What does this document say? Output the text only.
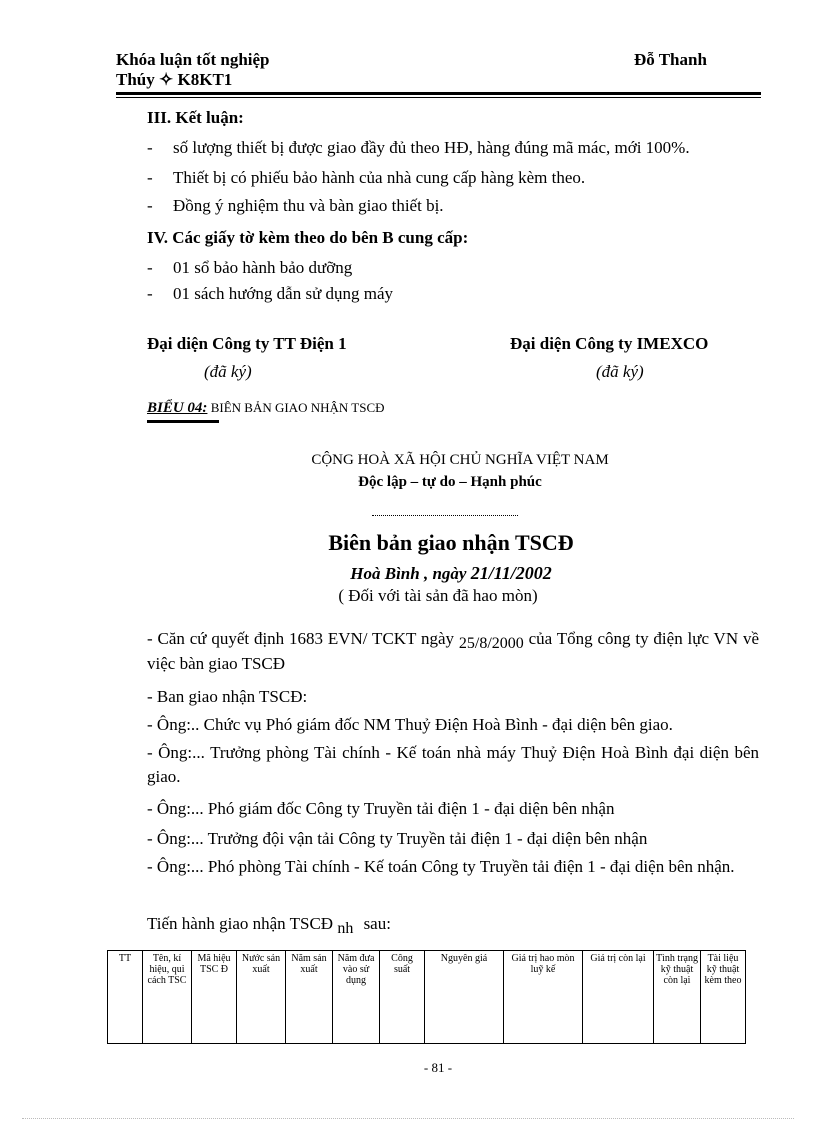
Khóa luận tốt nghiệp
Thúy ✧ K8KT1
Đỗ Thanh
III. Kết luận:
- số lượng thiết bị được giao đầy đủ theo HĐ, hàng đúng mã mác, mới 100%.
- Thiết bị có phiếu bảo hành của nhà cung cấp hàng kèm theo.
- Đồng ý nghiệm thu và bàn giao thiết bị.
IV. Các giấy tờ kèm theo do bên B cung cấp:
- 01 sổ bảo hành bảo dưỡng
- 01 sách hướng dẫn sử dụng máy
Đại diện Công ty TT Điện 1
(đã ký)
Đại diện Công ty IMEXCO
(đã ký)
BIỂU 04: BIÊN BẢN GIAO NHẬN TSCĐ
CỘNG HOÀ XÃ HỘI CHỦ NGHĨA VIỆT NAM
Độc lập – tự do – Hạnh phúc
Biên bản giao nhận TSCĐ
Hoà Bình , ngày 21/11/2002
( Đối với tài sản đã hao mòn)
- Căn cứ quyết định 1683 EVN/ TCKT ngày 25/8/2000 của Tổng công ty điện lực VN về việc bàn giao TSCĐ
- Ban giao nhận TSCĐ:
- Ông:.. Chức vụ Phó giám đốc NM Thuỷ Điện Hoà Bình - đại diện bên giao.
- Ông:... Trưởng phòng Tài chính - Kế toán nhà máy Thuỷ Điện Hoà Bình đại diện bên giao.
- Ông:... Phó giám đốc Công ty Truyền tải điện 1 - đại diện bên nhận
- Ông:... Trưởng đội vận tải Công ty Truyền tải điện 1 - đại diện bên nhận
- Ông:... Phó phòng Tài chính - Kế toán Công ty Truyền tải điện 1 - đại diện bên nhận.
Tiến hành giao nhận TSCĐ nh sau:
TT	Tên, kí hiệu, qui cách TSC	Mã hiệu TSC Đ	Nước sản xuất	Năm sản xuất	Năm đưa vào sử dụng	Công suất	Nguyên giá	Giá trị hao mòn luỹ kế	Giá trị còn lại	Tình trạng kỹ thuật còn lại	Tài liệu kỹ thuật kèm theo
- 81 -
